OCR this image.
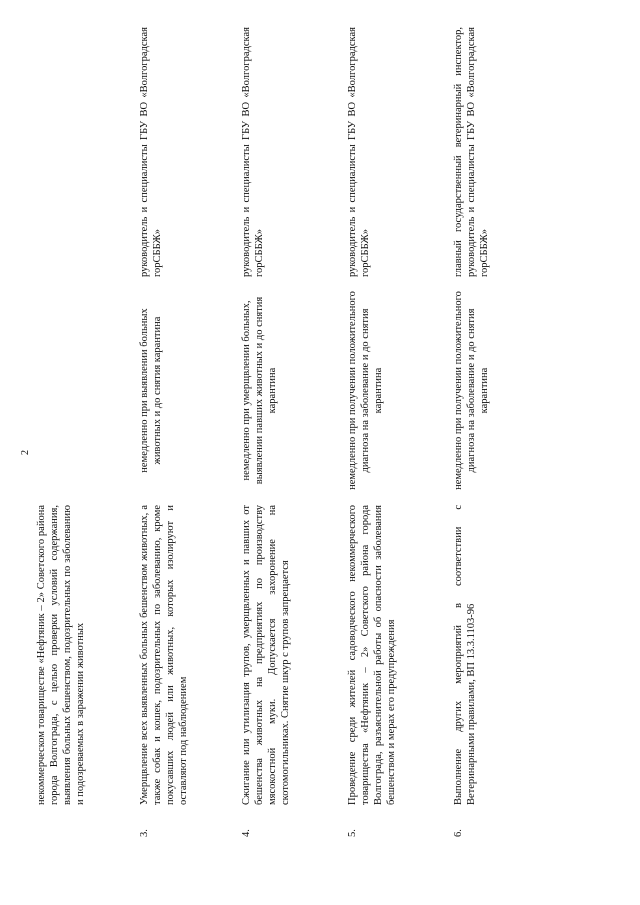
2
некоммерческом товариществе «Нефтяник – 2» Советского района города Волгограда, с целью проверки условий содержания, выявления больных бешенством, подозрительных по заболеванию и подозреваемых в заражении животных
3.
Умерщвление всех выявленных больных бешенством животных, а также собак и кошек, подозрительных по заболеванию, кроме покусавших людей или животных, которых изолируют и оставляют под наблюдением
немедленно при выявлении больных животных и до снятия карантина
руководитель и специалисты ГБУ ВО «Волгоградская горСББЖ»
4.
Сжигание или утилизация трупов, умерщвленных и павших от бешенства животных на предприятиях по производству мясокостной муки. Допускается захоронение на скотомогильниках. Снятие шкур с трупов запрещается
немедленно при умерщвлении больных, выявлении павших животных и до снятия карантина
руководитель и специалисты ГБУ ВО «Волгоградская горСББЖ»
5.
Проведение среди жителей садоводческого некоммерческого товарищества «Нефтяник – 2» Советского района города Волгограда, разъяснительной работы об опасности заболевания бешенством и мерах его предупреждения
немедленно при получении положительного диагноза на заболевание и до снятия карантина
руководитель и специалисты ГБУ ВО «Волгоградская горСББЖ»
6.
Выполнение других мероприятий в соответствии с Ветеринарными правилами, ВП 13.3.1103-96
немедленно при получении положительного диагноза на заболевание и до снятия карантина
главный государственный ветеринарный инспектор, руководитель и специалисты ГБУ ВО «Волгоградская горСББЖ»
